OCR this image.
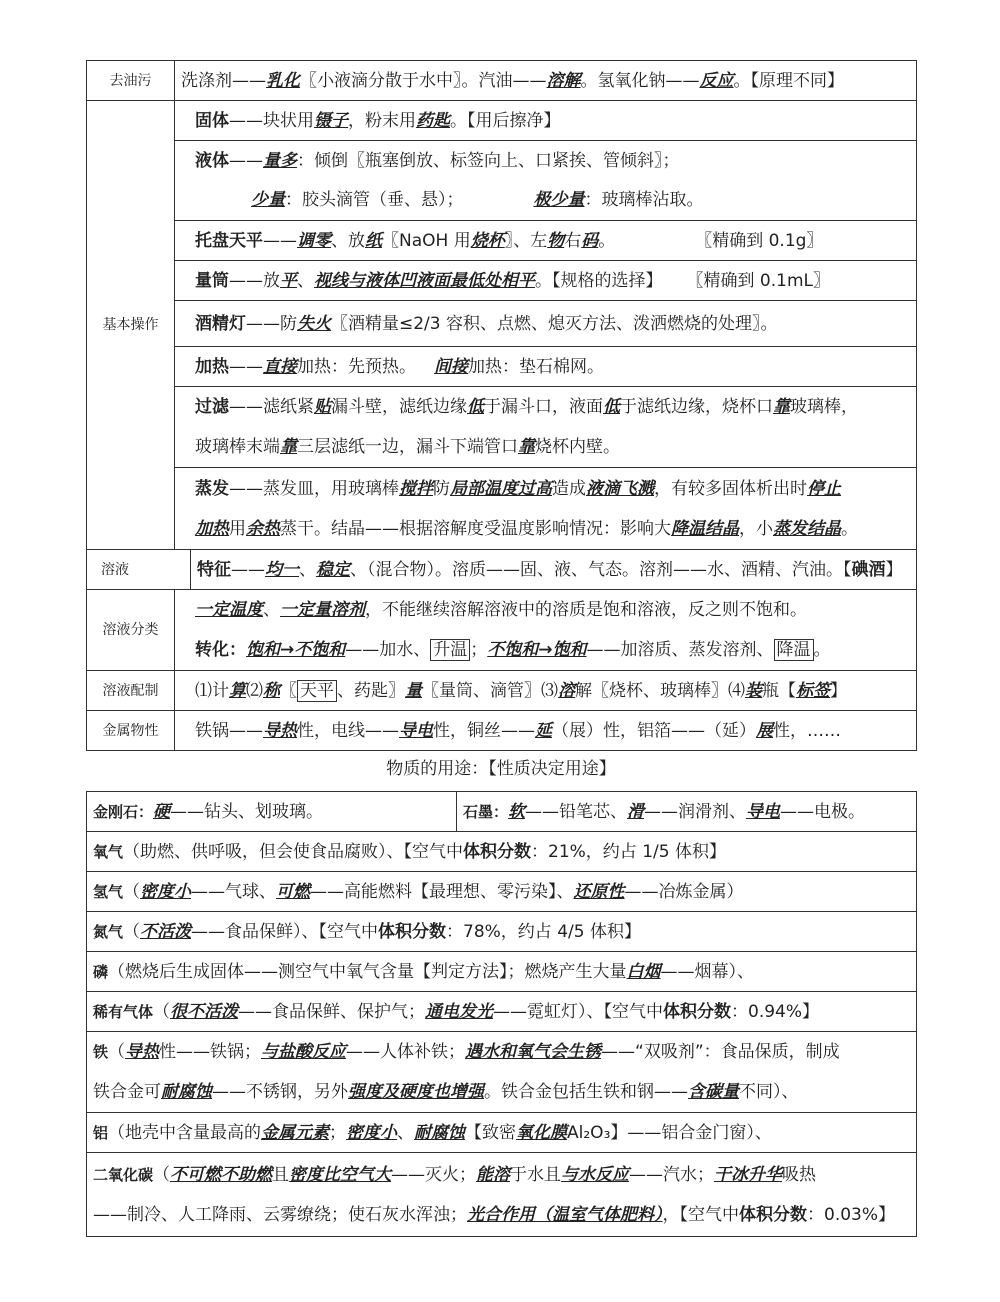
去油污	洗涤剂——乳化〖小液滴分散于水中〗。汽油——溶解。氢氧化钠——反应。【原理不同】	
基本操作	固体——块状用镊子，粉末用药匙。【用后擦净】	
	液体——量多：倾倒〖瓶塞倒放、标签向上、口紧挨、管倾斜〗；	
	少量：胶头滴管（垂、悬）； 极少量：玻璃棒沾取。	
	托盘天平——调零、放纸〖NaOH 用烧杯〗、左物右码。 〖精确到 0.1g〗	
	量筒——放平、视线与液体凹液面最低处相平。【规格的选择】 〖精确到 0.1mL〗	
	酒精灯——防失火〖酒精量≤2/3 容积、点燃、熄灭方法、泼洒燃烧的处理〗。	
	加热——直接加热：先预热。 间接加热：垫石棉网。	
	过滤——滤纸紧贴漏斗壁，滤纸边缘低于漏斗口，液面低于滤纸边缘，烧杯口靠玻璃棒，
玻璃棒末端靠三层滤纸一边，漏斗下端管口靠烧杯内壁。	
	蒸发——蒸发皿，用玻璃棒搅拌防局部温度过高造成液滴飞溅，有较多固体析出时停止
加热用余热蒸干。结晶——根据溶解度受温度影响情况：影响大降温结晶，小蒸发结晶。	
溶液		特征——均一、稳定、（混合物）。溶质——固、液、气态。溶剂——水、酒精、汽油。【碘酒】
溶液分类	一定温度、一定量溶剂，不能继续溶解溶液中的溶质是饱和溶液，反之则不饱和。
转化：饱和→不饱和——加水、 升温 ；不饱和→饱和——加溶质、蒸发溶剂、 降温 。	
溶液配制	⑴计算⑵称〖 天平 、药匙〗量〖量筒、滴管〗⑶溶解〖烧杯、玻璃棒〗⑷装瓶【标签】	
金属物性	铁锅——导热性，电线——导电性，铜丝——延（展）性，铝箔——（延）展性，……	
物质的用途：【性质决定用途】
金刚石：硬——钻头、划玻璃。	石墨：软——铅笔芯、滑——润滑剂、导电——电极。
氧气（助燃、供呼吸，但会使食品腐败）、【空气中体积分数：21%，约占 1/5 体积】
氢气（密度小——气球、可燃——高能燃料【最理想、零污染】、还原性——冶炼金属）
氮气（不活泼——食品保鲜）、【空气中体积分数：78%，约占 4/5 体积】
磷（燃烧后生成固体——测空气中氧气含量【判定方法】；燃烧产生大量白烟——烟幕）、
稀有气体（很不活泼——食品保鲜、保护气；通电发光——霓虹灯）、【空气中体积分数：0.94%】
铁（导热性——铁锅；与盐酸反应——人体补铁；遇水和氧气会生锈——“双吸剂”：食品保质，制成
铁合金可耐腐蚀——不锈钢，另外强度及硬度也增强。铁合金包括生铁和钢——含碳量不同）、
铝（地壳中含量最高的金属元素；密度小、耐腐蚀【致密氧化膜Al₂O₃】——铝合金门窗）、
二氧化碳（不可燃不助燃且密度比空气大——灭火；能溶于水且与水反应——汽水；干冰升华吸热
——制冷、人工降雨、云雾缭绕；使石灰水浑浊；光合作用（温室气体肥料），【空气中体积分数：0.03%】
